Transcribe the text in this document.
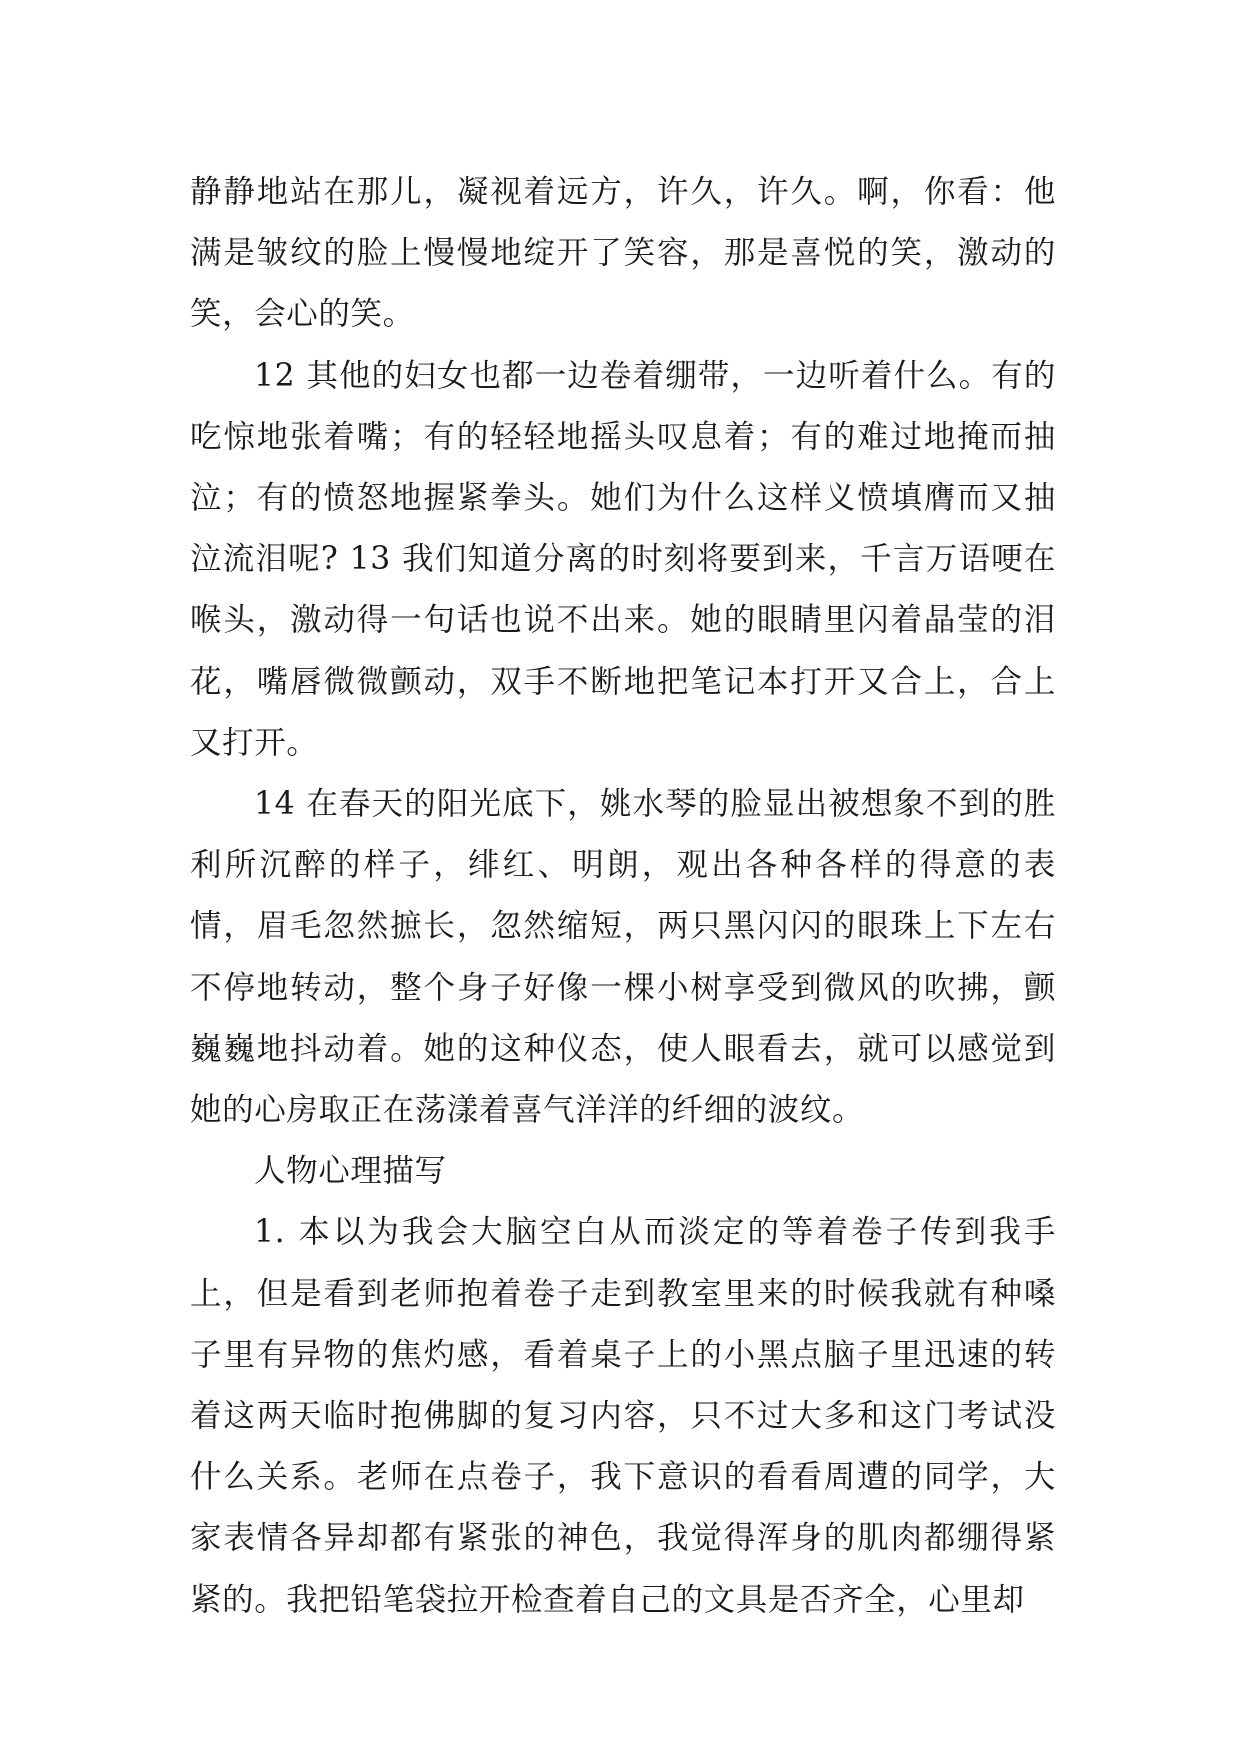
静静地站在那儿，凝视着远方，许久，许久。啊，你看：他满是皱纹的脸上慢慢地绽开了笑容，那是喜悦的笑，激动的笑，会心的笑。

12 其他的妇女也都一边卷着绷带，一边听着什么。有的吃惊地张着嘴；有的轻轻地摇头叹息着；有的难过地掩而抽泣；有的愤怒地握紧拳头。她们为什么这样义愤填膺而又抽泣流泪呢? 13 我们知道分离的时刻将要到来，千言万语哽在喉头，激动得一句话也说不出来。她的眼睛里闪着晶莹的泪花，嘴唇微微颤动，双手不断地把笔记本打开又合上，合上又打开。

14 在春天的阳光底下，姚水琴的脸显出被想象不到的胜利所沉醉的样子，绯红、明朗，观出各种各样的得意的表情，眉毛忽然摭长，忽然缩短，两只黑闪闪的眼珠上下左右不停地转动，整个身子好像一棵小树享受到微风的吹拂，颤巍巍地抖动着。她的这种仪态，使人眼看去，就可以感觉到她的心房取正在荡漾着喜气洋洋的纤细的波纹。

人物心理描写

1. 本以为我会大脑空白从而淡定的等着卷子传到我手上，但是看到老师抱着卷子走到教室里来的时候我就有种嗓子里有异物的焦灼感，看着桌子上的小黑点脑子里迅速的转着这两天临时抱佛脚的复习内容，只不过大多和这门考试没什么关系。老师在点卷子，我下意识的看看周遭的同学，大家表情各异却都有紧张的神色，我觉得浑身的肌肉都绷得紧紧的。我把铅笔袋拉开检查着自己的文具是否齐全，心里却
